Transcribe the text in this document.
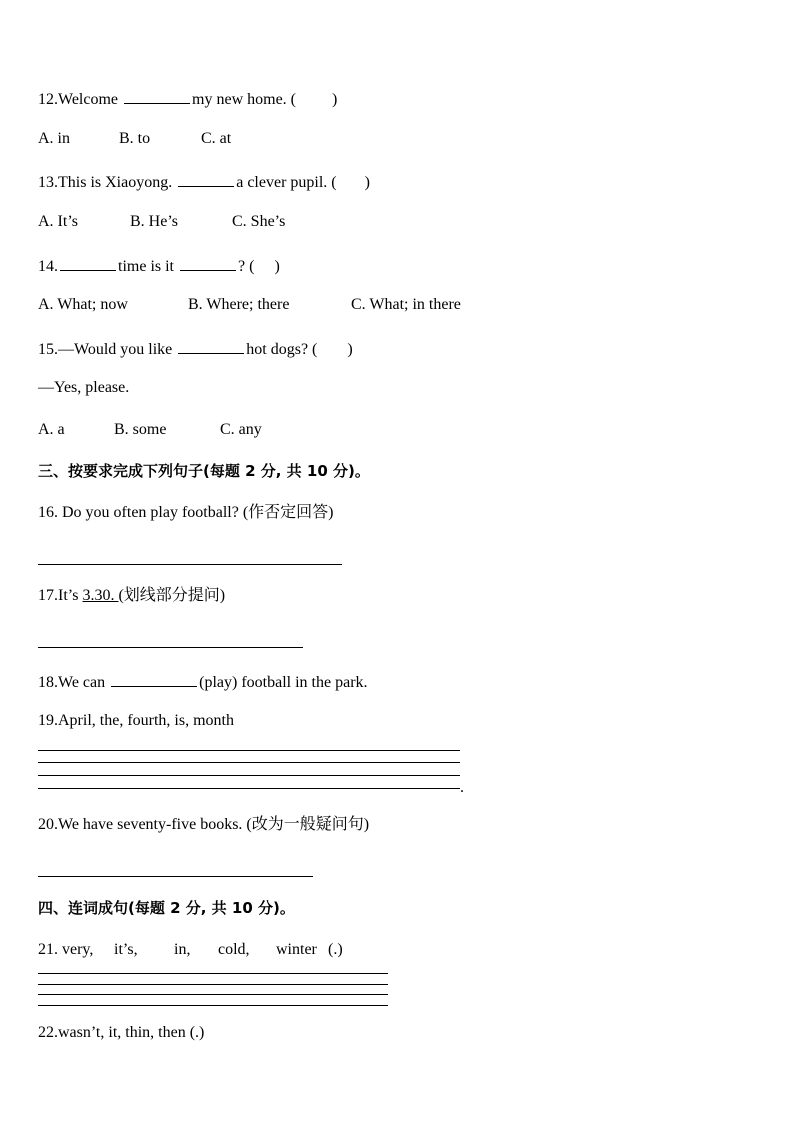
12.Welcome	my new home. ( )
A. in	B. to	C. at
13.This is Xiaoyong.	a clever pupil. ( )
A. It’s	B. He’s	C. She’s
14.	time is it	? ( )
A. What; now	B. Where; there	C. What; in there
15.—Would you like	hot dogs? ( )
—Yes, please.
A. a	B. some	C. any
三、按要求完成下列句子(每题 2 分, 共 10 分)。
16. Do you often play football? (作否定回答)
17.It’s 3.30. (划线部分提问)
18.We can	(play) football in the park.
19.April, the, fourth, is, month
.
20.We have seventy-five books. (改为一般疑问句)
四、连词成句(每题 2 分, 共 10 分)。
21. very, it’s, in, cold, winter (.)
22.wasn’t, it, thin, then (.)
